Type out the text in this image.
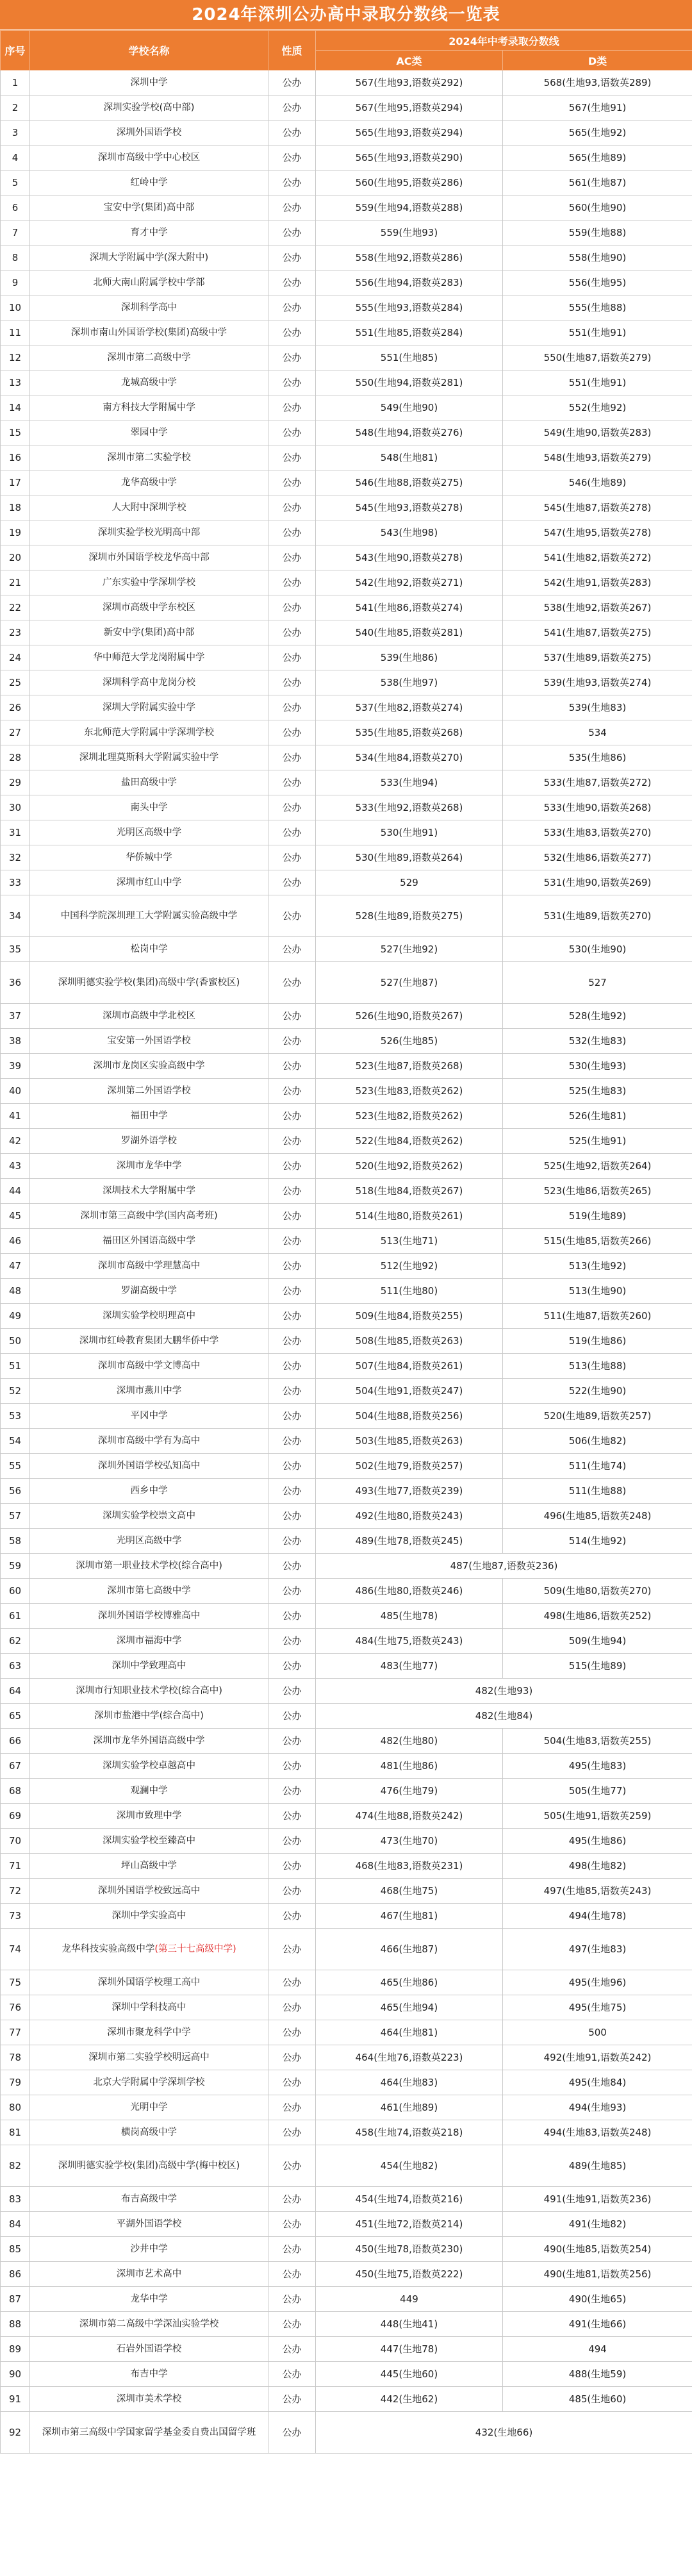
2024年深圳公办高中录取分数线一览表
序号	学校名称	性质	2024年中考录取分数线	
			AC类	D类
1	深圳中学	公办	567(生地93,语数英292)	568(生地93,语数英289)
2	深圳实验学校(高中部)	公办	567(生地95,语数英294)	567(生地91)
3	深圳外国语学校	公办	565(生地93,语数英294)	565(生地92)
4	深圳市高级中学中心校区	公办	565(生地93,语数英290)	565(生地89)
5	红岭中学	公办	560(生地95,语数英286)	561(生地87)
6	宝安中学(集团)高中部	公办	559(生地94,语数英288)	560(生地90)
7	育才中学	公办	559(生地93)	559(生地88)
8	深圳大学附属中学(深大附中)	公办	558(生地92,语数英286)	558(生地90)
9	北师大南山附属学校中学部	公办	556(生地94,语数英283)	556(生地95)
10	深圳科学高中	公办	555(生地93,语数英284)	555(生地88)
11	深圳市南山外国语学校(集团)高级中学	公办	551(生地85,语数英284)	551(生地91)
12	深圳市第二高级中学	公办	551(生地85)	550(生地87,语数英279)
13	龙城高级中学	公办	550(生地94,语数英281)	551(生地91)
14	南方科技大学附属中学	公办	549(生地90)	552(生地92)
15	翠园中学	公办	548(生地94,语数英276)	549(生地90,语数英283)
16	深圳市第二实验学校	公办	548(生地81)	548(生地93,语数英279)
17	龙华高级中学	公办	546(生地88,语数英275)	546(生地89)
18	人大附中深圳学校	公办	545(生地93,语数英278)	545(生地87,语数英278)
19	深圳实验学校光明高中部	公办	543(生地98)	547(生地95,语数英278)
20	深圳市外国语学校龙华高中部	公办	543(生地90,语数英278)	541(生地82,语数英272)
21	广东实验中学深圳学校	公办	542(生地92,语数英271)	542(生地91,语数英283)
22	深圳市高级中学东校区	公办	541(生地86,语数英274)	538(生地92,语数英267)
23	新安中学(集团)高中部	公办	540(生地85,语数英281)	541(生地87,语数英275)
24	华中师范大学龙岗附属中学	公办	539(生地86)	537(生地89,语数英275)
25	深圳科学高中龙岗分校	公办	538(生地97)	539(生地93,语数英274)
26	深圳大学附属实验中学	公办	537(生地82,语数英274)	539(生地83)
27	东北师范大学附属中学深圳学校	公办	535(生地85,语数英268)	534
28	深圳北理莫斯科大学附属实验中学	公办	534(生地84,语数英270)	535(生地86)
29	盐田高级中学	公办	533(生地94)	533(生地87,语数英272)
30	南头中学	公办	533(生地92,语数英268)	533(生地90,语数英268)
31	光明区高级中学	公办	530(生地91)	533(生地83,语数英270)
32	华侨城中学	公办	530(生地89,语数英264)	532(生地86,语数英277)
33	深圳市红山中学	公办	529	531(生地90,语数英269)
34	中国科学院深圳理工大学附属实验高级中学	公办	528(生地89,语数英275)	531(生地89,语数英270)
35	松岗中学	公办	527(生地92)	530(生地90)
36	深圳明德实验学校(集团)高级中学(香蜜校区)	公办	527(生地87)	527
37	深圳市高级中学北校区	公办	526(生地90,语数英267)	528(生地92)
38	宝安第一外国语学校	公办	526(生地85)	532(生地83)
39	深圳市龙岗区实验高级中学	公办	523(生地87,语数英268)	530(生地93)
40	深圳第二外国语学校	公办	523(生地83,语数英262)	525(生地83)
41	福田中学	公办	523(生地82,语数英262)	526(生地81)
42	罗湖外语学校	公办	522(生地84,语数英262)	525(生地91)
43	深圳市龙华中学	公办	520(生地92,语数英262)	525(生地92,语数英264)
44	深圳技术大学附属中学	公办	518(生地84,语数英267)	523(生地86,语数英265)
45	深圳市第三高级中学(国内高考班)	公办	514(生地80,语数英261)	519(生地89)
46	福田区外国语高级中学	公办	513(生地71)	515(生地85,语数英266)
47	深圳市高级中学理慧高中	公办	512(生地92)	513(生地92)
48	罗湖高级中学	公办	511(生地80)	513(生地90)
49	深圳实验学校明理高中	公办	509(生地84,语数英255)	511(生地87,语数英260)
50	深圳市红岭教育集团大鹏华侨中学	公办	508(生地85,语数英263)	519(生地86)
51	深圳市高级中学文博高中	公办	507(生地84,语数英261)	513(生地88)
52	深圳市燕川中学	公办	504(生地91,语数英247)	522(生地90)
53	平冈中学	公办	504(生地88,语数英256)	520(生地89,语数英257)
54	深圳市高级中学有为高中	公办	503(生地85,语数英263)	506(生地82)
55	深圳外国语学校弘知高中	公办	502(生地79,语数英257)	511(生地74)
56	西乡中学	公办	493(生地77,语数英239)	511(生地88)
57	深圳实验学校崇文高中	公办	492(生地80,语数英243)	496(生地85,语数英248)
58	光明区高级中学	公办	489(生地78,语数英245)	514(生地92)
59	深圳市第一职业技术学校(综合高中)	公办	487(生地87,语数英236)	
60	深圳市第七高级中学	公办	486(生地80,语数英246)	509(生地80,语数英270)
61	深圳外国语学校博雅高中	公办	485(生地78)	498(生地86,语数英252)
62	深圳市福海中学	公办	484(生地75,语数英243)	509(生地94)
63	深圳中学致理高中	公办	483(生地77)	515(生地89)
64	深圳市行知职业技术学校(综合高中)	公办	482(生地93)	
65	深圳市盐港中学(综合高中)	公办	482(生地84)	
66	深圳市龙华外国语高级中学	公办	482(生地80)	504(生地83,语数英255)
67	深圳实验学校卓越高中	公办	481(生地86)	495(生地83)
68	观澜中学	公办	476(生地79)	505(生地77)
69	深圳市致理中学	公办	474(生地88,语数英242)	505(生地91,语数英259)
70	深圳实验学校至臻高中	公办	473(生地70)	495(生地86)
71	坪山高级中学	公办	468(生地83,语数英231)	498(生地82)
72	深圳外国语学校致远高中	公办	468(生地75)	497(生地85,语数英243)
73	深圳中学实验高中	公办	467(生地81)	494(生地78)
74	龙华科技实验高级中学(第三十七高级中学)	公办	466(生地87)	497(生地83)
75	深圳外国语学校理工高中	公办	465(生地86)	495(生地96)
76	深圳中学科技高中	公办	465(生地94)	495(生地75)
77	深圳市聚龙科学中学	公办	464(生地81)	500
78	深圳市第二实验学校明远高中	公办	464(生地76,语数英223)	492(生地91,语数英242)
79	北京大学附属中学深圳学校	公办	464(生地83)	495(生地84)
80	光明中学	公办	461(生地89)	494(生地93)
81	横岗高级中学	公办	458(生地74,语数英218)	494(生地83,语数英248)
82	深圳明德实验学校(集团)高级中学(梅中校区)	公办	454(生地82)	489(生地85)
83	布吉高级中学	公办	454(生地74,语数英216)	491(生地91,语数英236)
84	平湖外国语学校	公办	451(生地72,语数英214)	491(生地82)
85	沙井中学	公办	450(生地78,语数英230)	490(生地85,语数英254)
86	深圳市艺术高中	公办	450(生地75,语数英222)	490(生地81,语数英256)
87	龙华中学	公办	449	490(生地65)
88	深圳市第二高级中学深汕实验学校	公办	448(生地41)	491(生地66)
89	石岩外国语学校	公办	447(生地78)	494
90	布吉中学	公办	445(生地60)	488(生地59)
91	深圳市美术学校	公办	442(生地62)	485(生地60)
92	深圳市第三高级中学国家留学基金委自费出国留学班	公办	432(生地66)	
